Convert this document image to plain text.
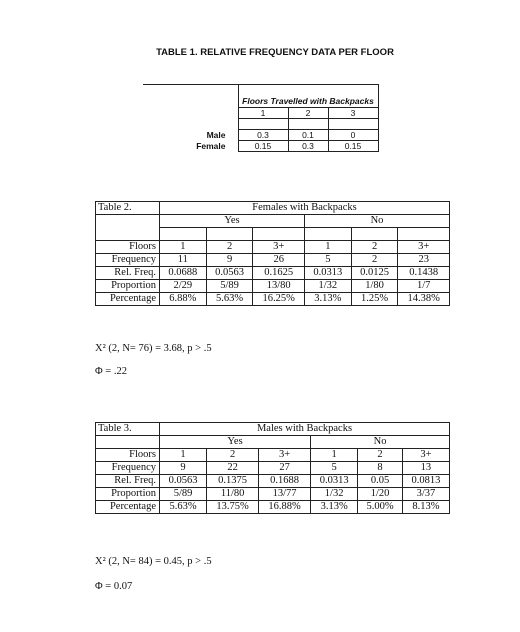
TABLE 1. RELATIVE FREQUENCY DATA PER FLOOR
	Floors Travelled with Backpacks		
	1	2	3

Male	0.3	0.1	0
Female	0.15	0.3	0.15
Table 2.	Females with Backpacks					
	Yes			No		

Floors	1	2	3+	1	2	3+
Frequency	11	9	26	5	2	23
Rel. Freq.	0.0688	0.0563	0.1625	0.0313	0.0125	0.1438
Proportion	2/29	5/89	13/80	1/32	1/80	1/7
Percentage	6.88%	5.63%	16.25%	3.13%	1.25%	14.38%
X² (2, N= 76) = 3.68, p > .5
Φ = .22
Table 3.	Males with Backpacks					
	Yes			No		
Floors	1	2	3+	1	2	3+
Frequency	9	22	27	5	8	13
Rel. Freq.	0.0563	0.1375	0.1688	0.0313	0.05	0.0813
Proportion	5/89	11/80	13/77	1/32	1/20	3/37
Percentage	5.63%	13.75%	16.88%	3.13%	5.00%	8.13%
X² (2, N= 84) = 0.45, p > .5
Φ = 0.07
